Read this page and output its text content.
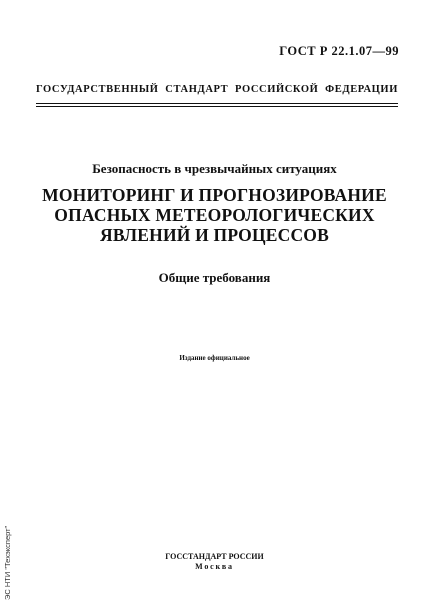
ГОСТ Р 22.1.07—99
ГОСУДАРСТВЕННЫЙ СТАНДАРТ РОССИЙСКОЙ ФЕДЕРАЦИИ
Безопасность в чрезвычайных ситуациях
МОНИТОРИНГ И ПРОГНОЗИРОВАНИЕ
ОПАСНЫХ МЕТЕОРОЛОГИЧЕСКИХ
ЯВЛЕНИЙ И ПРОЦЕССОВ
Общие требования
Издание официальное
ЭС НТИ "Техэксперт"	ГОССТАНДАРТ РОССИИ
Москва
